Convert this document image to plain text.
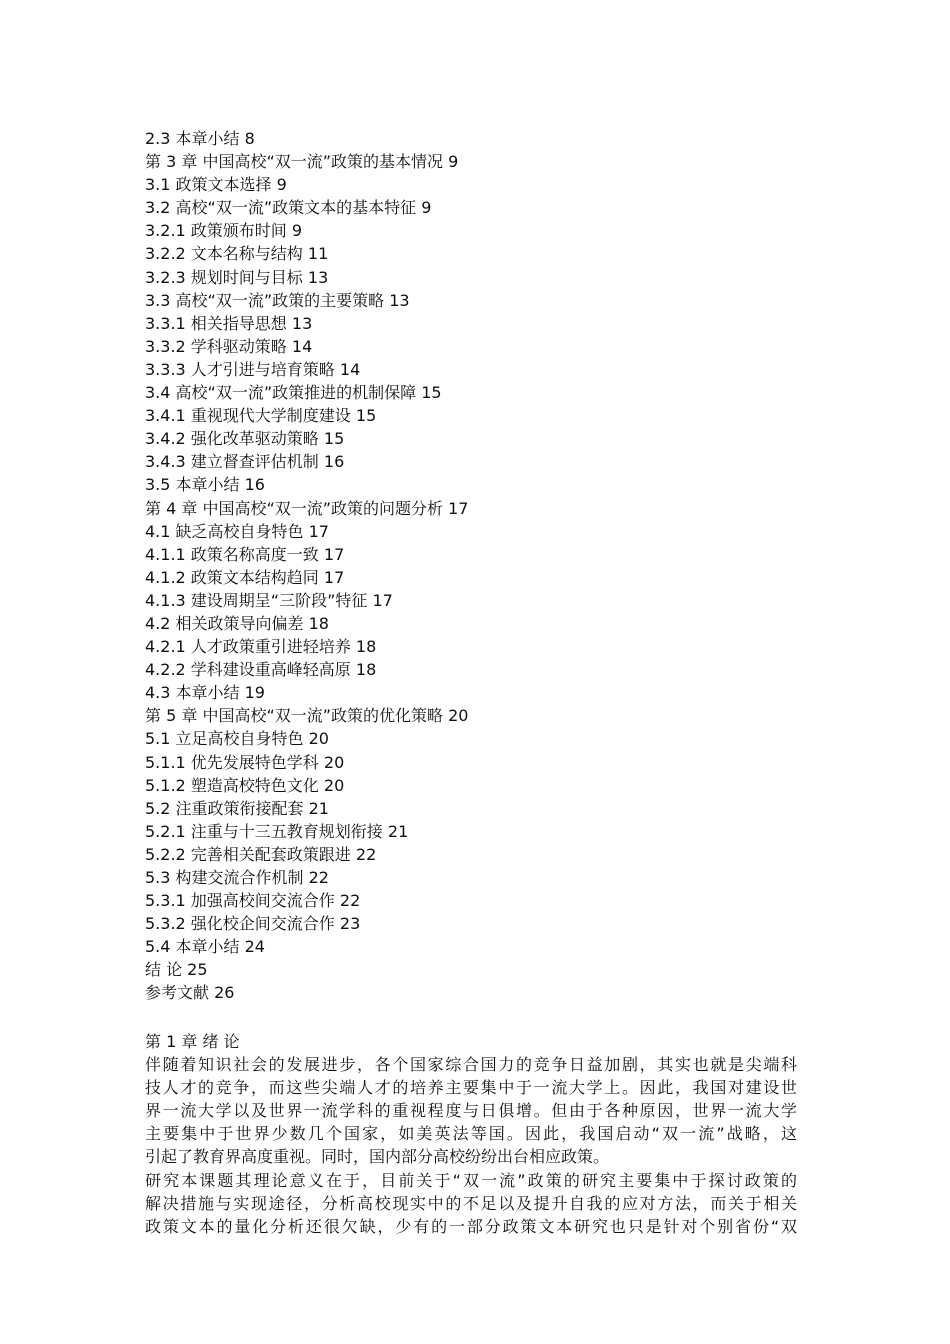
2.3 本章小结 8
第 3 章 中国高校“双一流”政策的基本情况 9
3.1 政策文本选择 9
3.2 高校“双一流”政策文本的基本特征 9
3.2.1 政策颁布时间 9
3.2.2 文本名称与结构 11
3.2.3 规划时间与目标 13
3.3 高校“双一流”政策的主要策略 13
3.3.1 相关指导思想 13
3.3.2 学科驱动策略 14
3.3.3 人才引进与培育策略 14
3.4 高校“双一流”政策推进的机制保障 15
3.4.1 重视现代大学制度建设 15
3.4.2 强化改革驱动策略 15
3.4.3 建立督查评估机制 16
3.5 本章小结 16
第 4 章 中国高校“双一流”政策的问题分析 17
4.1 缺乏高校自身特色 17
4.1.1 政策名称高度一致 17
4.1.2 政策文本结构趋同 17
4.1.3 建设周期呈“三阶段”特征 17
4.2 相关政策导向偏差 18
4.2.1 人才政策重引进轻培养 18
4.2.2 学科建设重高峰轻高原 18
4.3 本章小结 19
第 5 章 中国高校“双一流”政策的优化策略 20
5.1 立足高校自身特色 20
5.1.1 优先发展特色学科 20
5.1.2 塑造高校特色文化 20
5.2 注重政策衔接配套 21
5.2.1 注重与十三五教育规划衔接 21
5.2.2 完善相关配套政策跟进 22
5.3 构建交流合作机制 22
5.3.1 加强高校间交流合作 22
5.3.2 强化校企间交流合作 23
5.4 本章小结 24
结 论 25
参考文献 26
第 1 章 绪 论
伴随着知识社会的发展进步，各个国家综合国力的竞争日益加剧，其实也就是尖端科
技人才的竞争，而这些尖端人才的培养主要集中于一流大学上。因此，我国对建设世
界一流大学以及世界一流学科的重视程度与日俱增。但由于各种原因，世界一流大学
主要集中于世界少数几个国家，如美英法等国。因此，我国启动“双一流”战略，这
引起了教育界高度重视。同时，国内部分高校纷纷出台相应政策。
研究本课题其理论意义在于，目前关于“双一流”政策的研究主要集中于探讨政策的
解决措施与实现途径，分析高校现实中的不足以及提升自我的应对方法，而关于相关
政策文本的量化分析还很欠缺，少有的一部分政策文本研究也只是针对个别省份“双
